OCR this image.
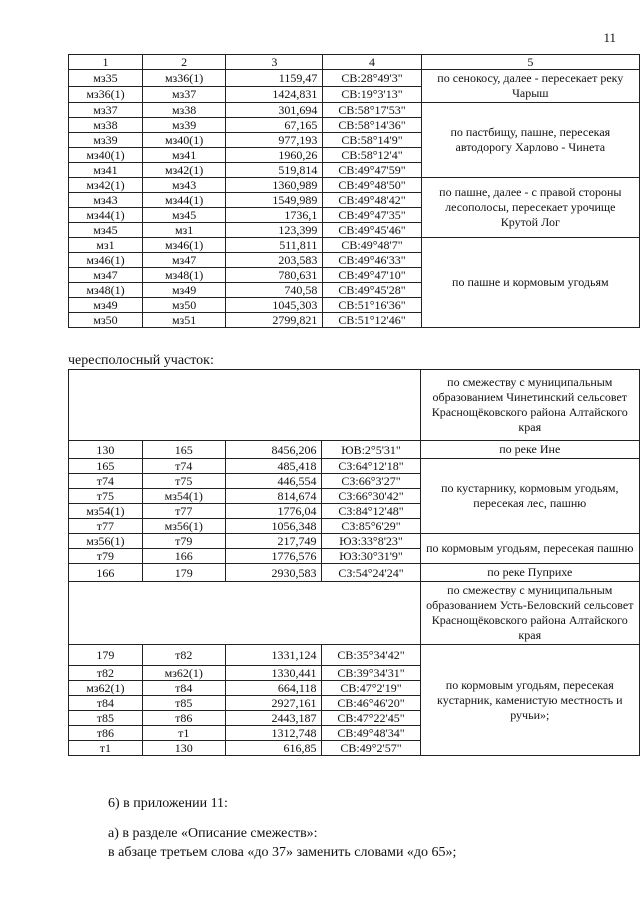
11
1	2	3	4	5
мз35	мз36(1)	1159,47	СВ:28°49'3"	по сенокосу, далее - пересекает реку Чарыш
мз36(1)	мз37	1424,831	СВ:19°3'13"	
мз37	мз38	301,694	СВ:58°17'53"	по пастбищу, пашне, пересекая автодорогу Харлово - Чинета
мз38	мз39	67,165	СВ:58°14'36"	
мз39	мз40(1)	977,193	СВ:58°14'9"	
мз40(1)	мз41	1960,26	СВ:58°12'4"	
мз41	мз42(1)	519,814	СВ:49°47'59"	
мз42(1)	мз43	1360,989	СВ:49°48'50"	по пашне, далее - с правой стороны лесополосы, пересекает урочище Крутой Лог
мз43	мз44(1)	1549,989	СВ:49°48'42"	
мз44(1)	мз45	1736,1	СВ:49°47'35"	
мз45	мз1	123,399	СВ:49°45'46"	
мз1	мз46(1)	511,811	СВ:49°48'7"	по пашне и кормовым угодьям
мз46(1)	мз47	203,583	СВ:49°46'33"	
мз47	мз48(1)	780,631	СВ:49°47'10"	
мз48(1)	мз49	740,58	СВ:49°45'28"	
мз49	мз50	1045,303	СВ:51°16'36"	
мз50	мз51	2799,821	СВ:51°12'46"	
чересполосный участок:
				по смежеству с муниципальным образованием Чинетинский сельсовет Краснощёковского района Алтайского края
130	165	8456,206	ЮВ:2°5'31"	по реке Ине
165	т74	485,418	СЗ:64°12'18"	по кустарнику, кормовым угодьям, пересекая лес, пашню
т74	т75	446,554	СЗ:66°3'27"	
т75	мз54(1)	814,674	СЗ:66°30'42"	
мз54(1)	т77	1776,04	СЗ:84°12'48"	
т77	мз56(1)	1056,348	СЗ:85°6'29"	
мз56(1)	т79	217,749	ЮЗ:33°8'23"	по кормовым угодьям, пересекая пашню
т79	166	1776,576	ЮЗ:30°31'9"	
166	179	2930,583	СЗ:54°24'24"	по реке Пуприхе
				по смежеству с муниципальным образованием Усть-Беловский сельсовет Краснощёковского района Алтайского края
179	т82	1331,124	СВ:35°34'42"	по кормовым угодьям, пересекая кустарник, каменистую местность и ручьи»;
т82	мз62(1)	1330,441	СВ:39°34'31"	
мз62(1)	т84	664,118	СВ:47°2'19"	
т84	т85	2927,161	СВ:46°46'20"	
т85	т86	2443,187	СВ:47°22'45"	
т86	т1	1312,748	СВ:49°48'34"	
т1	130	616,85	СВ:49°2'57"	
6) в приложении 11:
а) в разделе «Описание смежеств»:
в абзаце третьем слова «до 37» заменить словами «до 65»;
